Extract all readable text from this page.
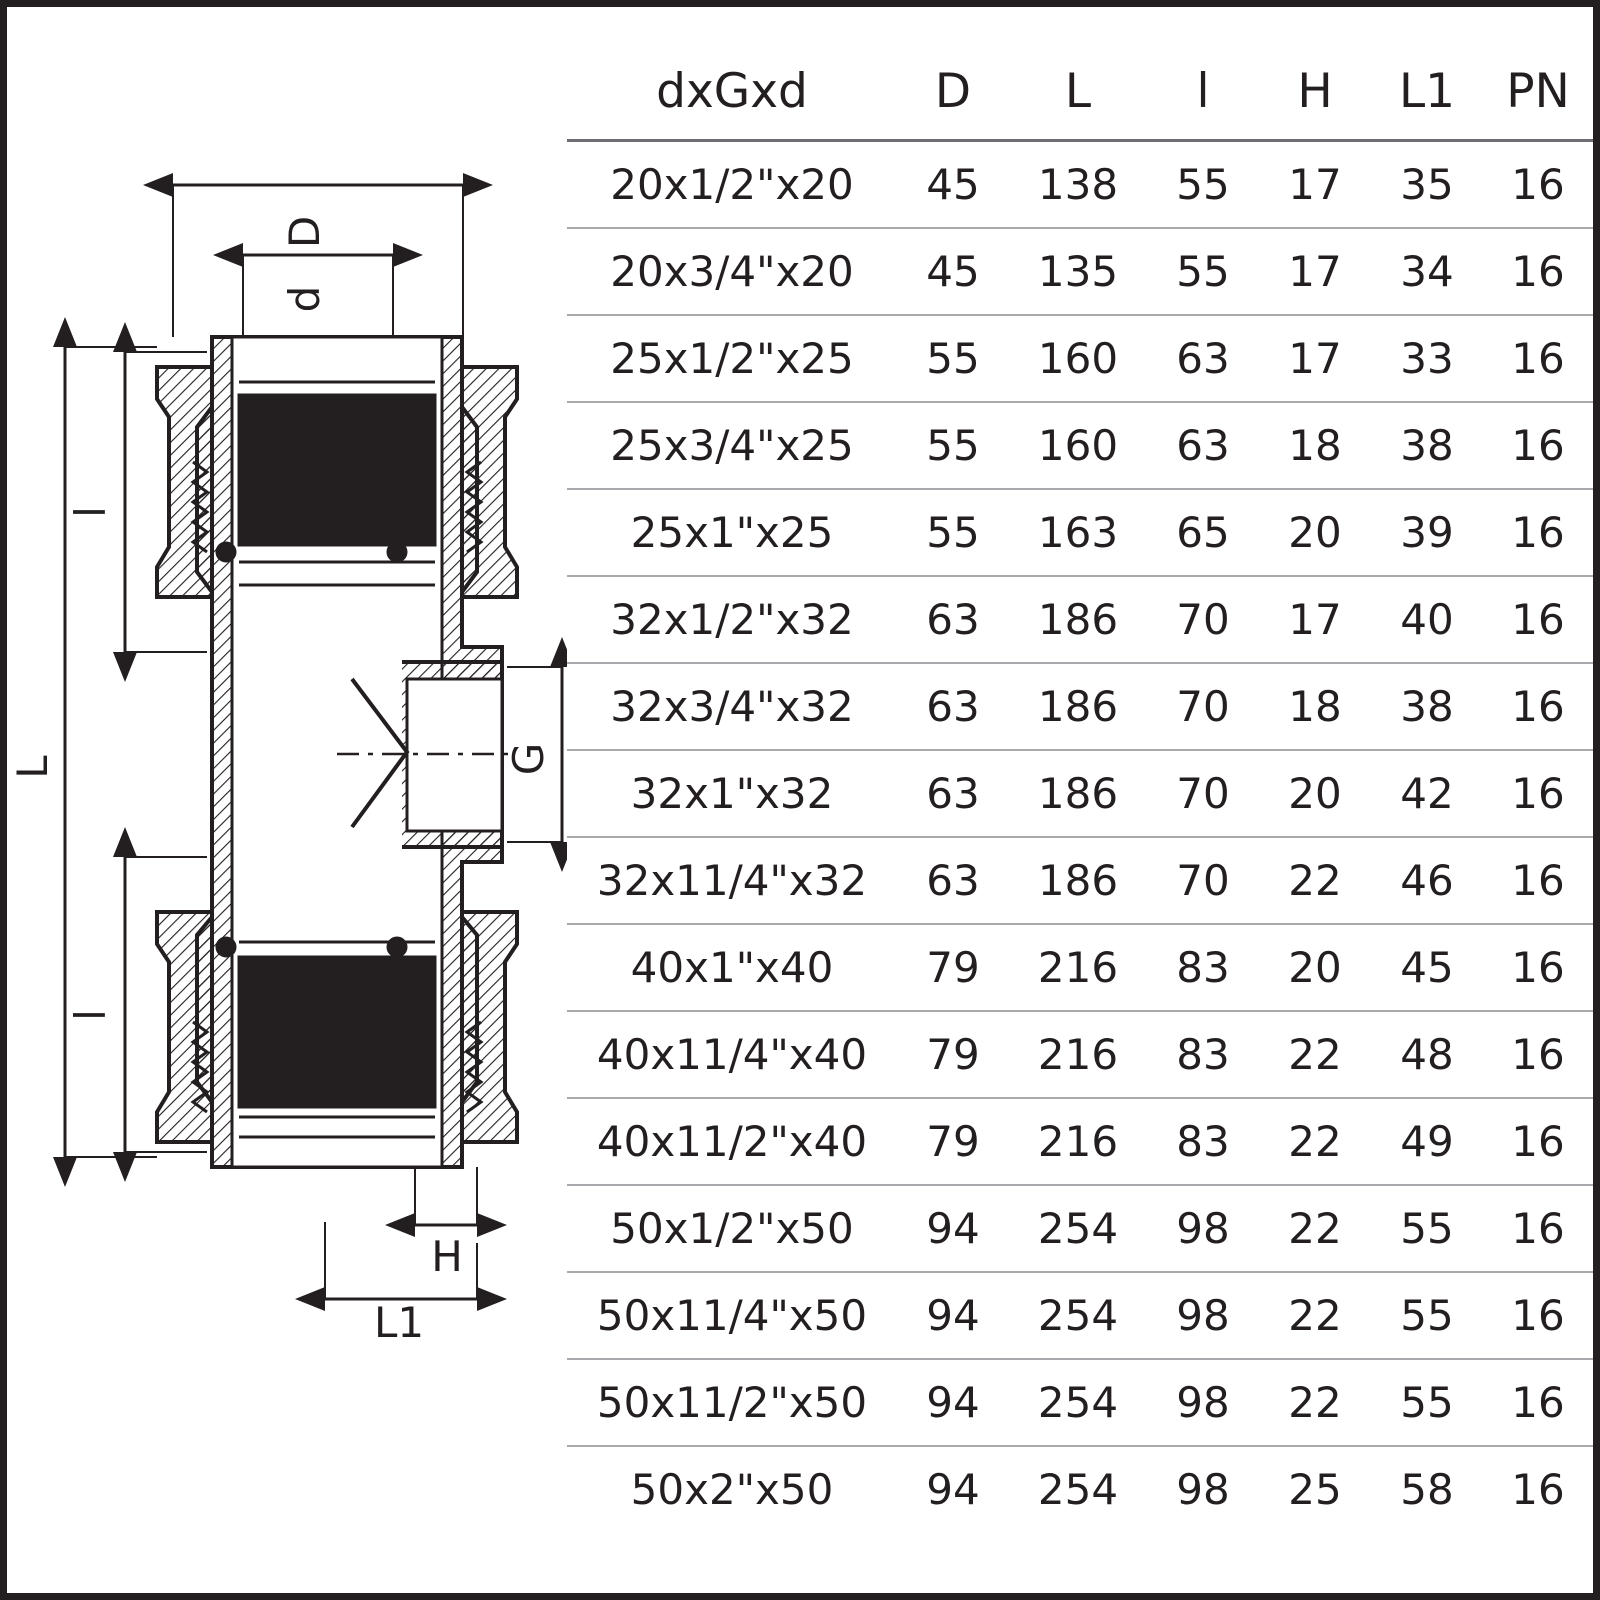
D
d
L
l
l
G
H
L1
dxGxd	D	L	l	H	L1	PN
20x1/2"x20	45	138	55	17	35	16
20x3/4"x20	45	135	55	17	34	16
25x1/2"x25	55	160	63	17	33	16
25x3/4"x25	55	160	63	18	38	16
25x1"x25	55	163	65	20	39	16
32x1/2"x32	63	186	70	17	40	16
32x3/4"x32	63	186	70	18	38	16
32x1"x32	63	186	70	20	42	16
32x11/4"x32	63	186	70	22	46	16
40x1"x40	79	216	83	20	45	16
40x11/4"x40	79	216	83	22	48	16
40x11/2"x40	79	216	83	22	49	16
50x1/2"x50	94	254	98	22	55	16
50x11/4"x50	94	254	98	22	55	16
50x11/2"x50	94	254	98	22	55	16
50x2"x50	94	254	98	25	58	16
